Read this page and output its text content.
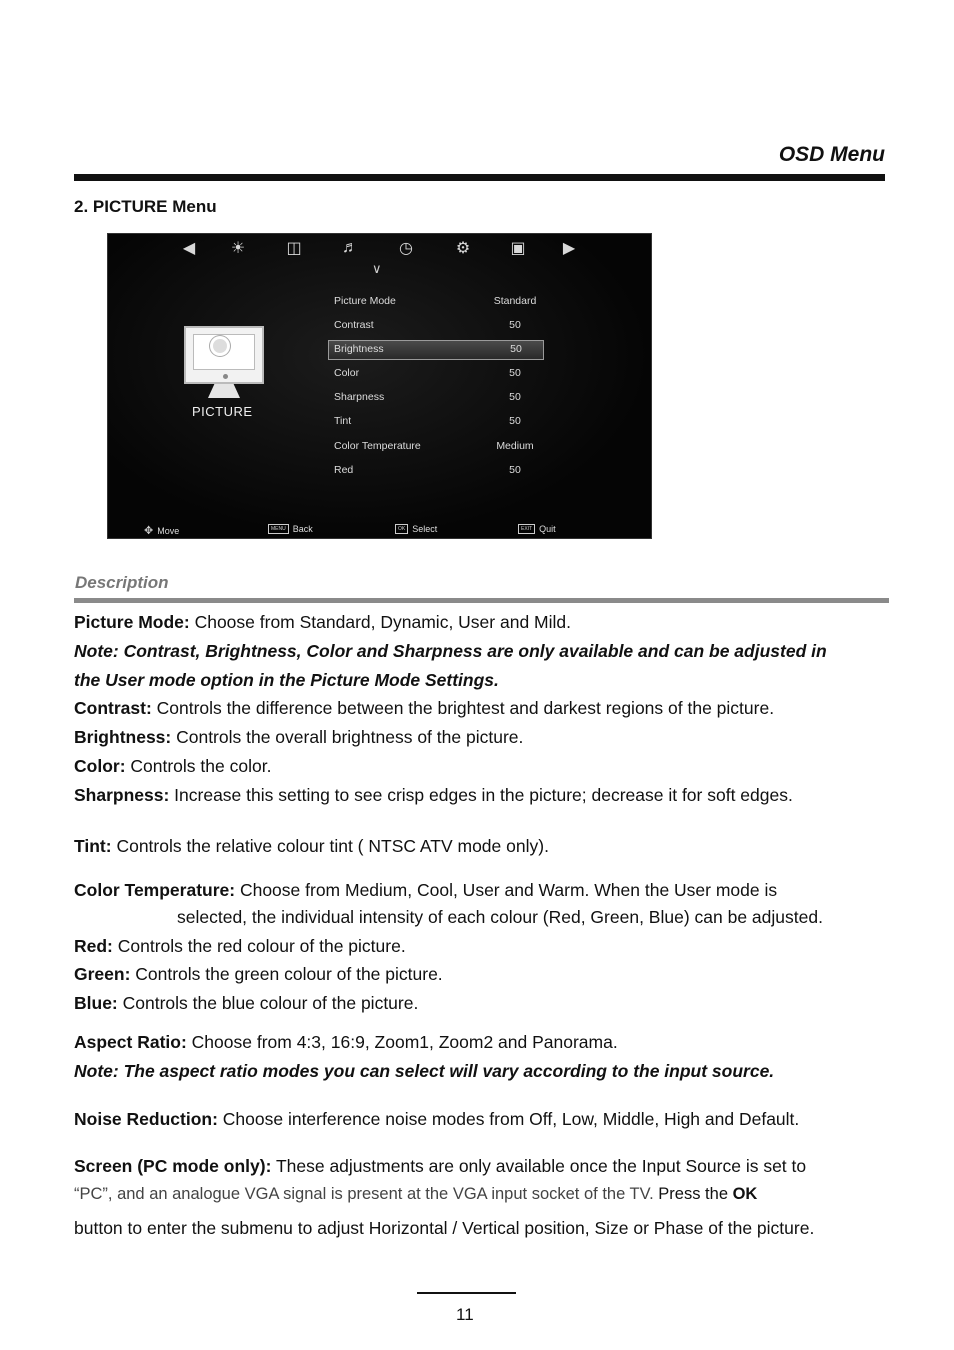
OSD Menu
2. PICTURE Menu
◀	☀	◫	♬	◷	⚙	▣	▶
∨
PICTURE
Picture Mode	Standard
Contrast	50
Brightness	50
Color	50
Sharpness	50
Tint	50
Color Temperature	Medium
Red	50
✥ Move	MENU Back	OK Select	EXIT Quit
Description
Picture Mode: Choose from Standard, Dynamic, User and Mild.
Note: Contrast, Brightness, Color and Sharpness are only available and can be adjusted in
the User mode option in the Picture Mode Settings.
Contrast: Controls the difference between the brightest and darkest regions of the picture.
Brightness: Controls the overall brightness of the picture.
Color: Controls the color.
Sharpness: Increase this setting to see crisp edges in the picture; decrease it for soft edges.
Tint: Controls the relative colour tint ( NTSC ATV mode only).
Color Temperature: Choose from Medium, Cool, User and Warm. When the User mode is
selected, the individual intensity of each colour (Red, Green, Blue) can be adjusted.
Red: Controls the red colour of the picture.
Green: Controls the green colour of the picture.
Blue: Controls the blue colour of the picture.
Aspect Ratio: Choose from 4:3, 16:9, Zoom1, Zoom2 and Panorama.
Note: The aspect ratio modes you can select will vary according to the input source.
Noise Reduction: Choose interference noise modes from Off, Low, Middle, High and Default.
Screen (PC mode only): These adjustments are only available once the Input Source is set to
“PC”, and an analogue VGA signal is present at the VGA input socket of the TV. Press the OK
button to enter the submenu to adjust Horizontal / Vertical position, Size or Phase of the picture.
11
